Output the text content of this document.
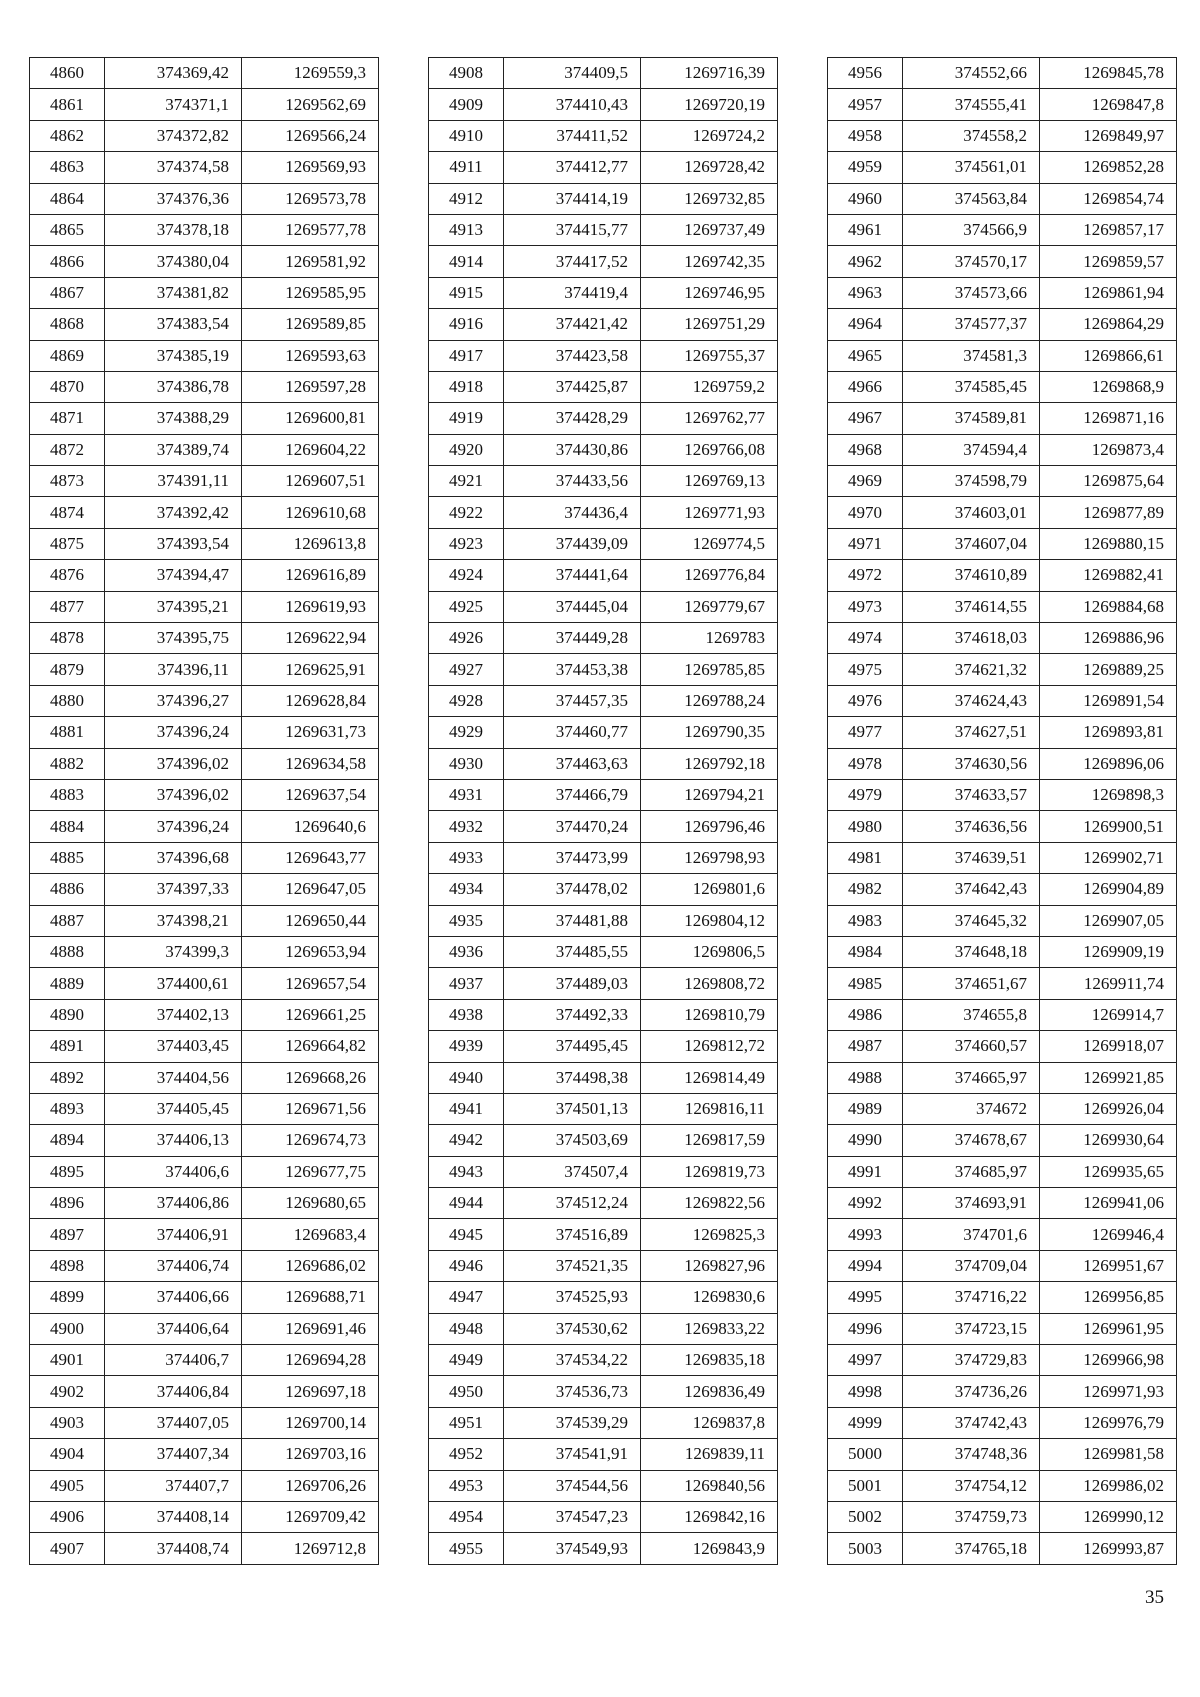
4860	374369,42	1269559,3
4861	374371,1	1269562,69
4862	374372,82	1269566,24
4863	374374,58	1269569,93
4864	374376,36	1269573,78
4865	374378,18	1269577,78
4866	374380,04	1269581,92
4867	374381,82	1269585,95
4868	374383,54	1269589,85
4869	374385,19	1269593,63
4870	374386,78	1269597,28
4871	374388,29	1269600,81
4872	374389,74	1269604,22
4873	374391,11	1269607,51
4874	374392,42	1269610,68
4875	374393,54	1269613,8
4876	374394,47	1269616,89
4877	374395,21	1269619,93
4878	374395,75	1269622,94
4879	374396,11	1269625,91
4880	374396,27	1269628,84
4881	374396,24	1269631,73
4882	374396,02	1269634,58
4883	374396,02	1269637,54
4884	374396,24	1269640,6
4885	374396,68	1269643,77
4886	374397,33	1269647,05
4887	374398,21	1269650,44
4888	374399,3	1269653,94
4889	374400,61	1269657,54
4890	374402,13	1269661,25
4891	374403,45	1269664,82
4892	374404,56	1269668,26
4893	374405,45	1269671,56
4894	374406,13	1269674,73
4895	374406,6	1269677,75
4896	374406,86	1269680,65
4897	374406,91	1269683,4
4898	374406,74	1269686,02
4899	374406,66	1269688,71
4900	374406,64	1269691,46
4901	374406,7	1269694,28
4902	374406,84	1269697,18
4903	374407,05	1269700,14
4904	374407,34	1269703,16
4905	374407,7	1269706,26
4906	374408,14	1269709,42
4907	374408,74	1269712,8
4908	374409,5	1269716,39
4909	374410,43	1269720,19
4910	374411,52	1269724,2
4911	374412,77	1269728,42
4912	374414,19	1269732,85
4913	374415,77	1269737,49
4914	374417,52	1269742,35
4915	374419,4	1269746,95
4916	374421,42	1269751,29
4917	374423,58	1269755,37
4918	374425,87	1269759,2
4919	374428,29	1269762,77
4920	374430,86	1269766,08
4921	374433,56	1269769,13
4922	374436,4	1269771,93
4923	374439,09	1269774,5
4924	374441,64	1269776,84
4925	374445,04	1269779,67
4926	374449,28	1269783
4927	374453,38	1269785,85
4928	374457,35	1269788,24
4929	374460,77	1269790,35
4930	374463,63	1269792,18
4931	374466,79	1269794,21
4932	374470,24	1269796,46
4933	374473,99	1269798,93
4934	374478,02	1269801,6
4935	374481,88	1269804,12
4936	374485,55	1269806,5
4937	374489,03	1269808,72
4938	374492,33	1269810,79
4939	374495,45	1269812,72
4940	374498,38	1269814,49
4941	374501,13	1269816,11
4942	374503,69	1269817,59
4943	374507,4	1269819,73
4944	374512,24	1269822,56
4945	374516,89	1269825,3
4946	374521,35	1269827,96
4947	374525,93	1269830,6
4948	374530,62	1269833,22
4949	374534,22	1269835,18
4950	374536,73	1269836,49
4951	374539,29	1269837,8
4952	374541,91	1269839,11
4953	374544,56	1269840,56
4954	374547,23	1269842,16
4955	374549,93	1269843,9
4956	374552,66	1269845,78
4957	374555,41	1269847,8
4958	374558,2	1269849,97
4959	374561,01	1269852,28
4960	374563,84	1269854,74
4961	374566,9	1269857,17
4962	374570,17	1269859,57
4963	374573,66	1269861,94
4964	374577,37	1269864,29
4965	374581,3	1269866,61
4966	374585,45	1269868,9
4967	374589,81	1269871,16
4968	374594,4	1269873,4
4969	374598,79	1269875,64
4970	374603,01	1269877,89
4971	374607,04	1269880,15
4972	374610,89	1269882,41
4973	374614,55	1269884,68
4974	374618,03	1269886,96
4975	374621,32	1269889,25
4976	374624,43	1269891,54
4977	374627,51	1269893,81
4978	374630,56	1269896,06
4979	374633,57	1269898,3
4980	374636,56	1269900,51
4981	374639,51	1269902,71
4982	374642,43	1269904,89
4983	374645,32	1269907,05
4984	374648,18	1269909,19
4985	374651,67	1269911,74
4986	374655,8	1269914,7
4987	374660,57	1269918,07
4988	374665,97	1269921,85
4989	374672	1269926,04
4990	374678,67	1269930,64
4991	374685,97	1269935,65
4992	374693,91	1269941,06
4993	374701,6	1269946,4
4994	374709,04	1269951,67
4995	374716,22	1269956,85
4996	374723,15	1269961,95
4997	374729,83	1269966,98
4998	374736,26	1269971,93
4999	374742,43	1269976,79
5000	374748,36	1269981,58
5001	374754,12	1269986,02
5002	374759,73	1269990,12
5003	374765,18	1269993,87
35
